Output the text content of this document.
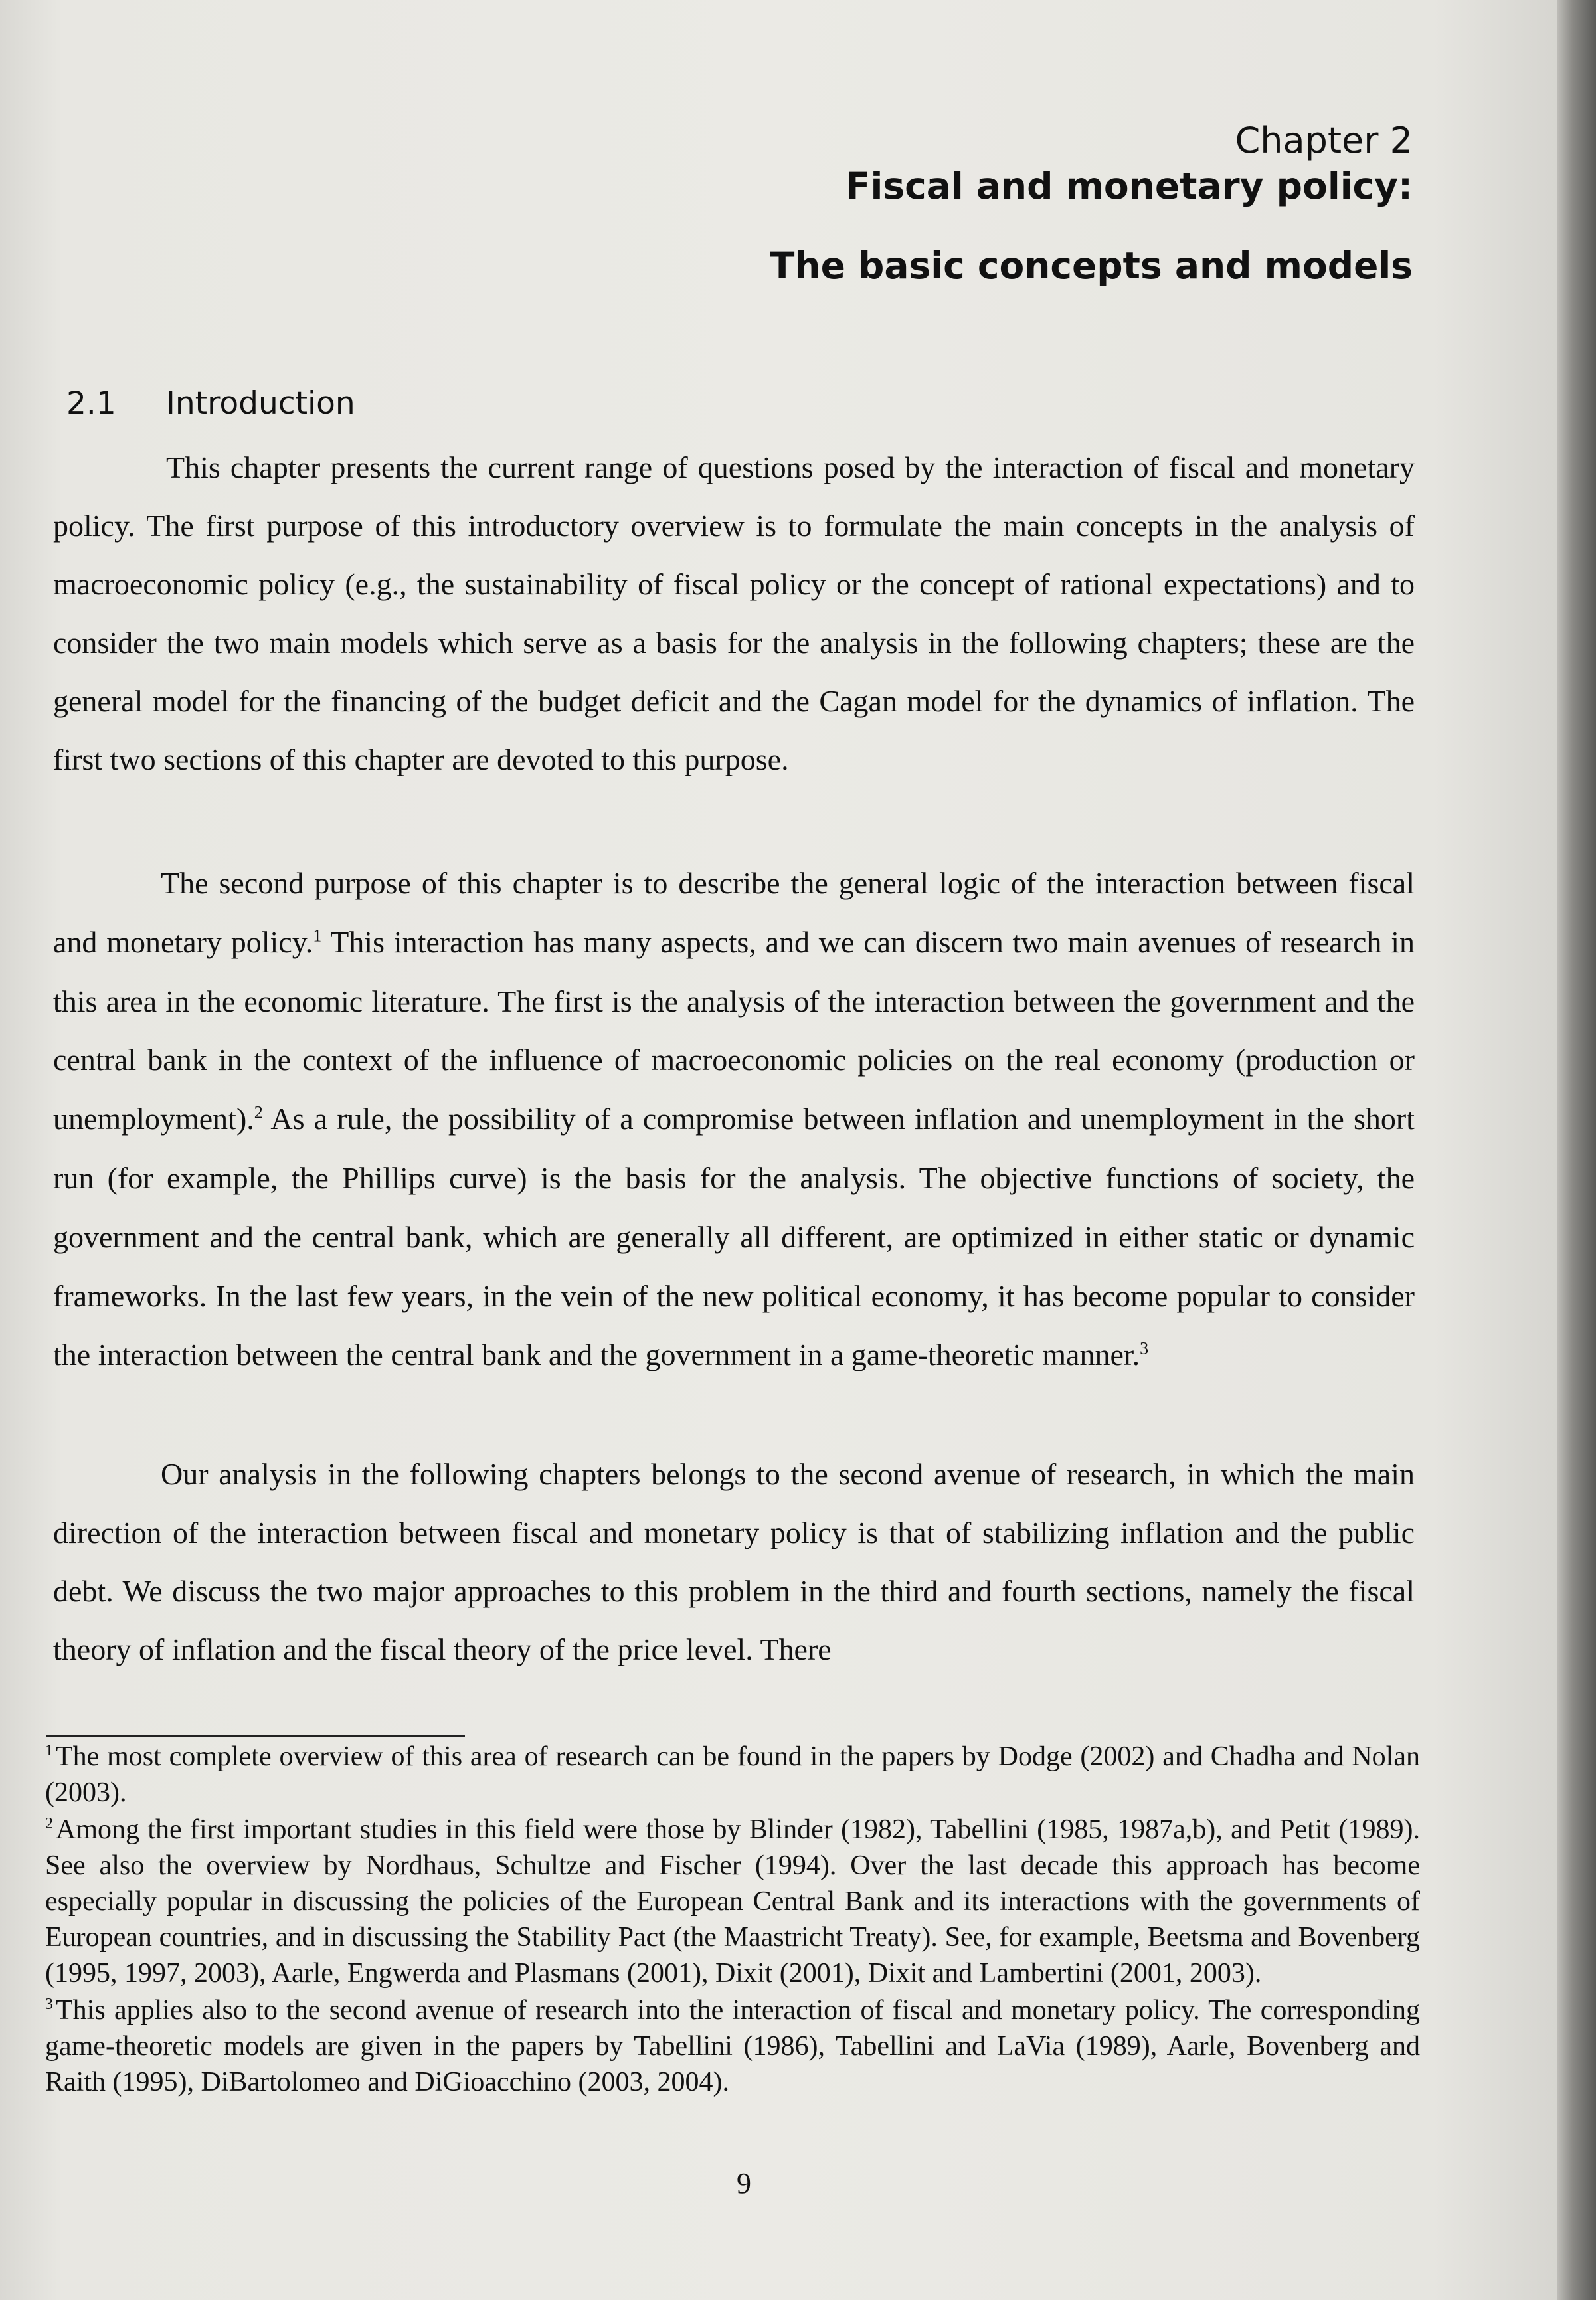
Chapter 2
Fiscal and monetary policy:
The basic concepts and models
2.1 Introduction

This chapter presents the current range of questions posed by the interaction of fiscal and monetary policy. The first purpose of this introductory overview is to formulate the main concepts in the analysis of macroeconomic policy (e.g., the sustainability of fiscal policy or the concept of rational expectations) and to consider the two main models which serve as a basis for the analysis in the following chapters; these are the general model for the financing of the budget deficit and the Cagan model for the dynamics of inflation. The first two sections of this chapter are devoted to this purpose.

The second purpose of this chapter is to describe the general logic of the interaction between fiscal and monetary policy.$^1$ This interaction has many aspects, and we can discern two main avenues of research in this area in the economic literature. The first is the analysis of the interaction between the government and the central bank in the context of the influence of macroeconomic policies on the real economy (production or unemployment).$^2$ As a rule, the possibility of a compromise between inflation and unemployment in the short run (for example, the Phillips curve) is the basis for the analysis. The objective functions of society, the government and the central bank, which are generally all different, are optimized in either static or dynamic frameworks. In the last few years, in the vein of the new political economy, it has become popular to consider the interaction between the central bank and the government in a game-theoretic manner.$^3$

Our analysis in the following chapters belongs to the second avenue of research, in which the main direction of the interaction between fiscal and monetary policy is that of stabilizing inflation and the public debt. We discuss the two major approaches to this problem in the third and fourth sections, namely the fiscal theory of inflation and the fiscal theory of the price level. There

$^1$The most complete overview of this area of research can be found in the papers by Dodge (2002) and Chadha and Nolan (2003).

$^2$Among the first important studies in this field were those by Blinder (1982), Tabellini (1985, 1987a,b), and Petit (1989). See also the overview by Nordhaus, Schultze and Fischer (1994). Over the last decade this approach has become especially popular in discussing the policies of the European Central Bank and its interactions with the governments of European countries, and in discussing the Stability Pact (the Maastricht Treaty). See, for example, Beetsma and Bovenberg (1995, 1997, 2003), Aarle, Engwerda and Plasmans (2001), Dixit (2001), Dixit and Lambertini (2001, 2003).

$^3$This applies also to the second avenue of research into the interaction of fiscal and monetary policy. The corresponding game-theoretic models are given in the papers by Tabellini (1986), Tabellini and LaVia (1989), Aarle, Bovenberg and Raith (1995), DiBartolomeo and DiGioacchino (2003, 2004).

9
